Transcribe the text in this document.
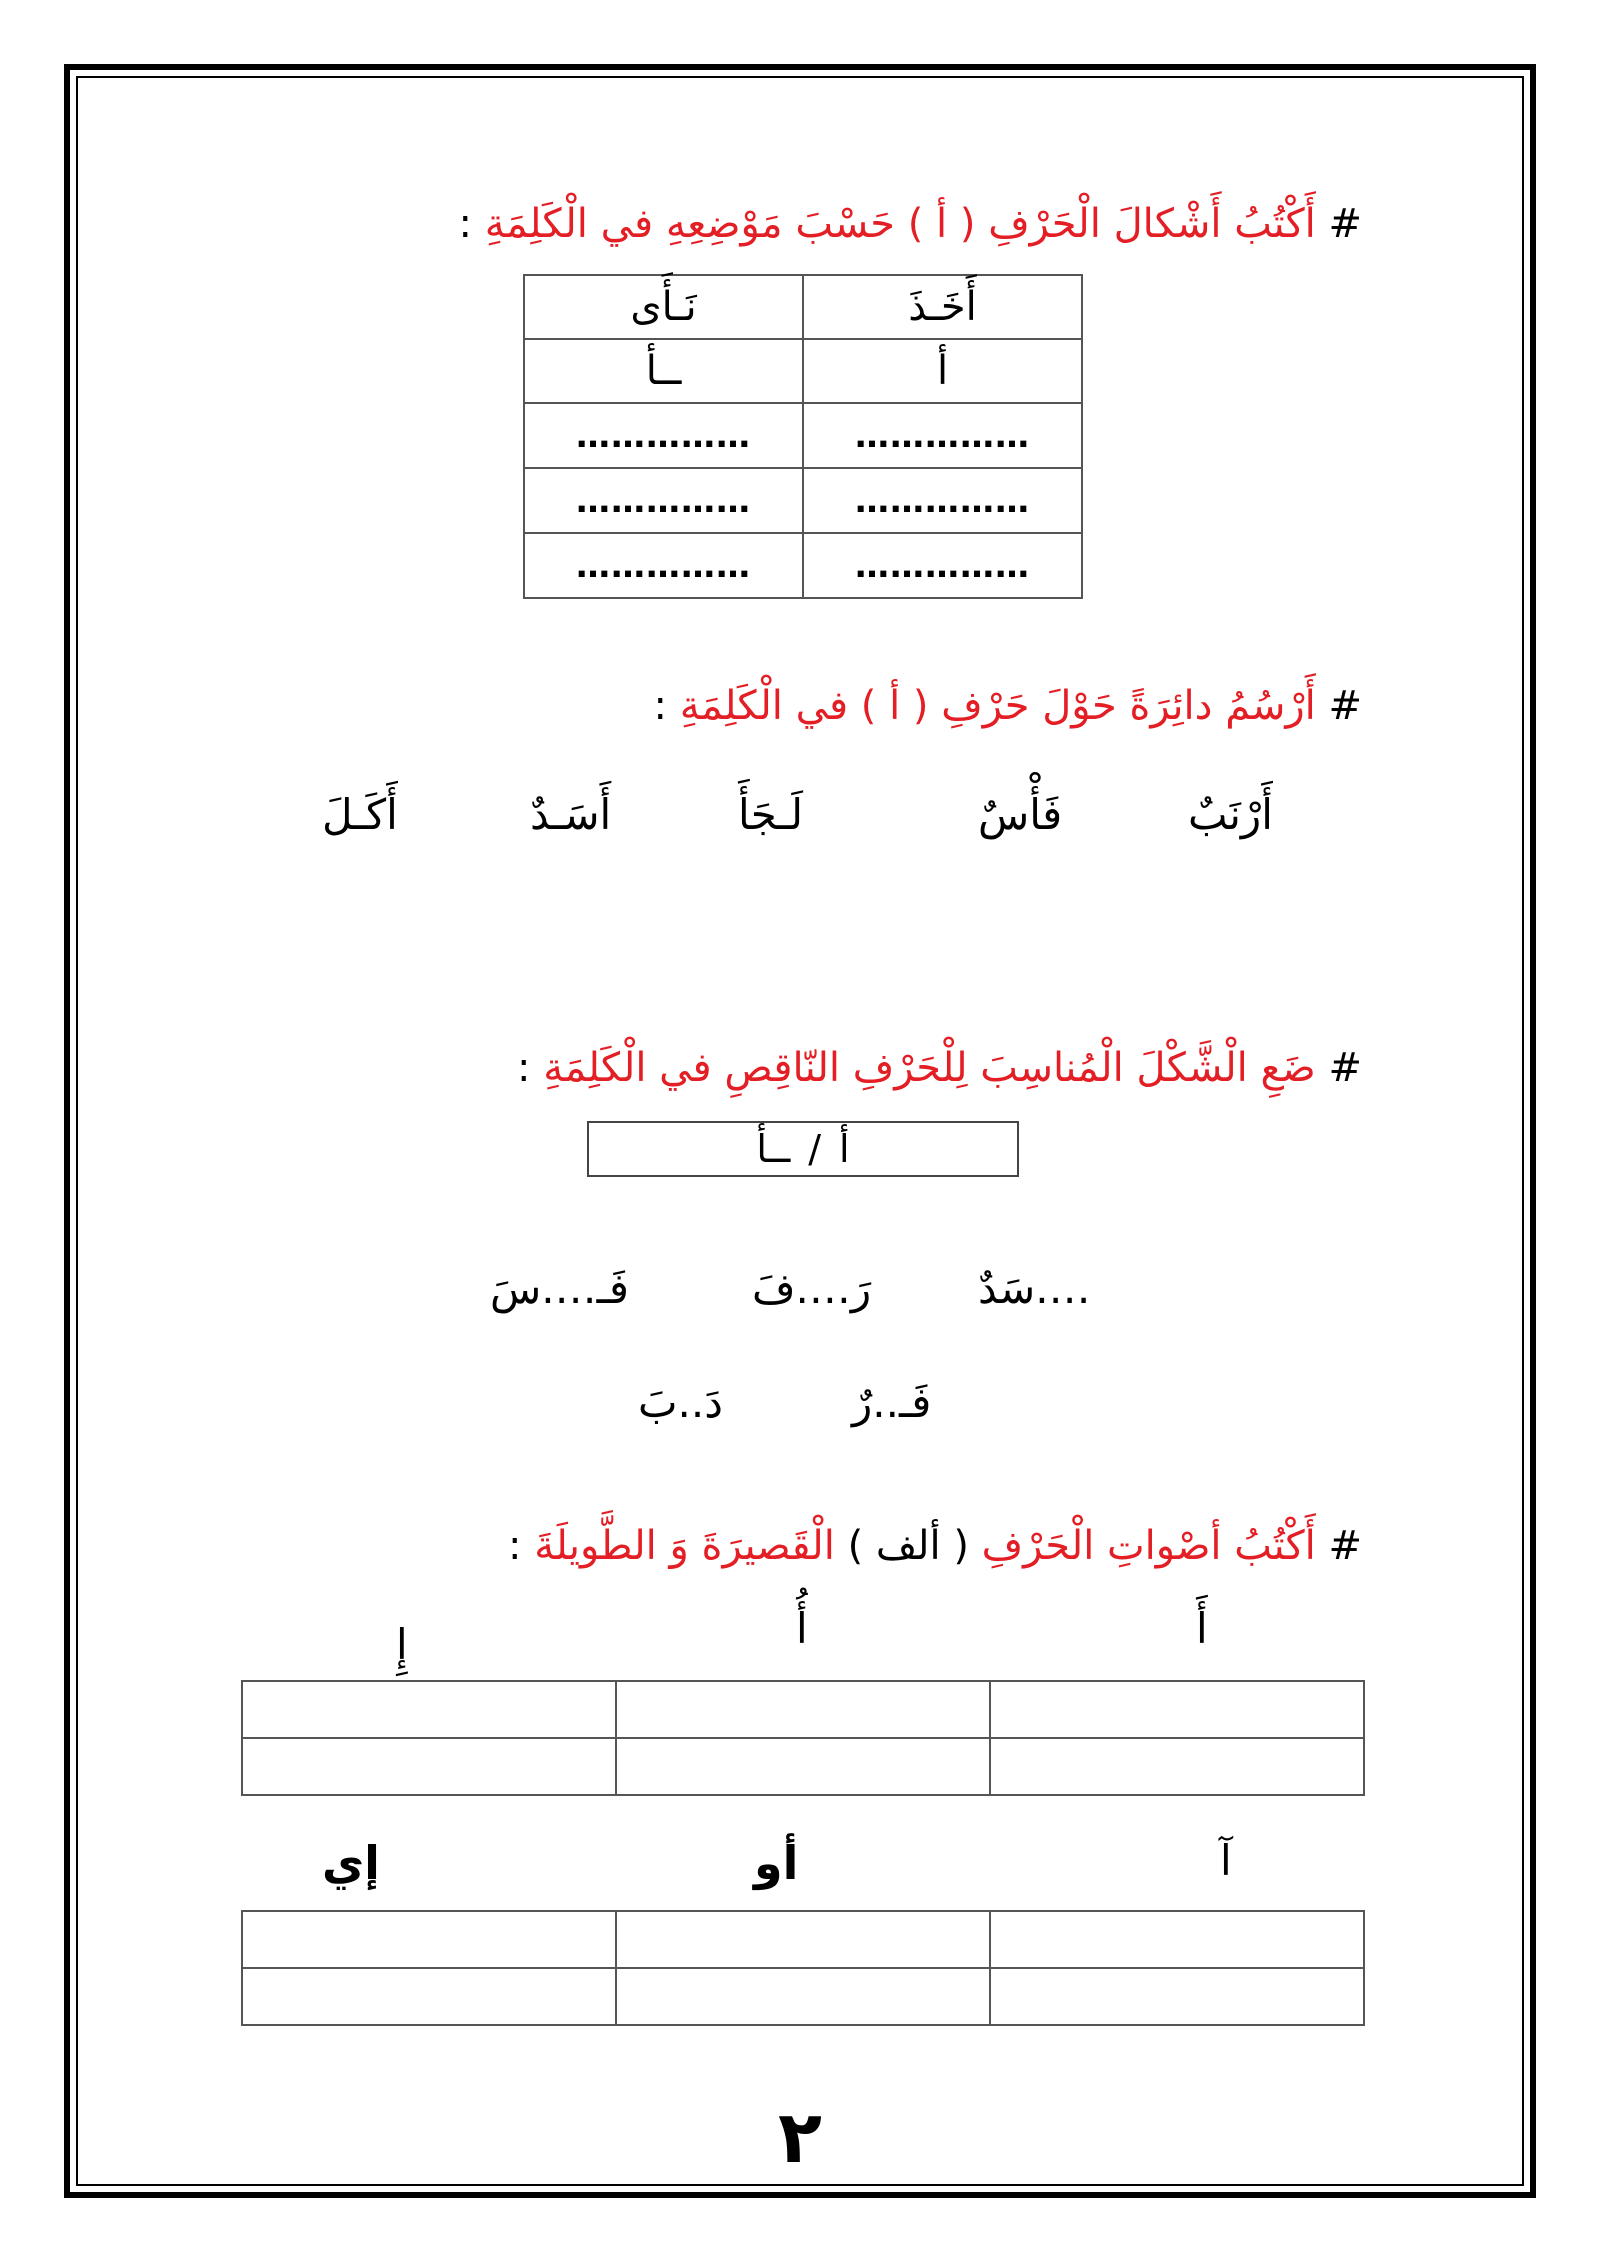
# أَكْتُبُ أَشْكالَ الْحَرْفِ ( أ ) حَسْبَ مَوْضِعِهِ في الْكَلِمَةِ :
أَخَـذَ	نَـأَى
أ	ــأ
……………	……………
……………	……………
……………	……………
# أَرْسُمُ دائِرَةً حَوْلَ حَرْفِ ( أ ) في الْكَلِمَةِ :
أَرْنَبٌ
فَأْسٌ
لَـجَأَ
أَسَـدٌ
أَكَـلَ
# ضَعِ الْشَّكْلَ الْمُناسِبَ لِلْحَرْفِ النّاقِصِ في الْكَلِمَةِ :
أ
/
ــأ
….سَدٌ
رَ….فَ
فَـ….سَ
فَـ..رٌ
دَ..بَ
# أَكْتُبُ أصْواتِ الْحَرْفِ ( ألف ) الْقَصيرَةَ وَ الطَّويلَةَ :
أَ
أُ
إِ

آ
أو
إي

٢
